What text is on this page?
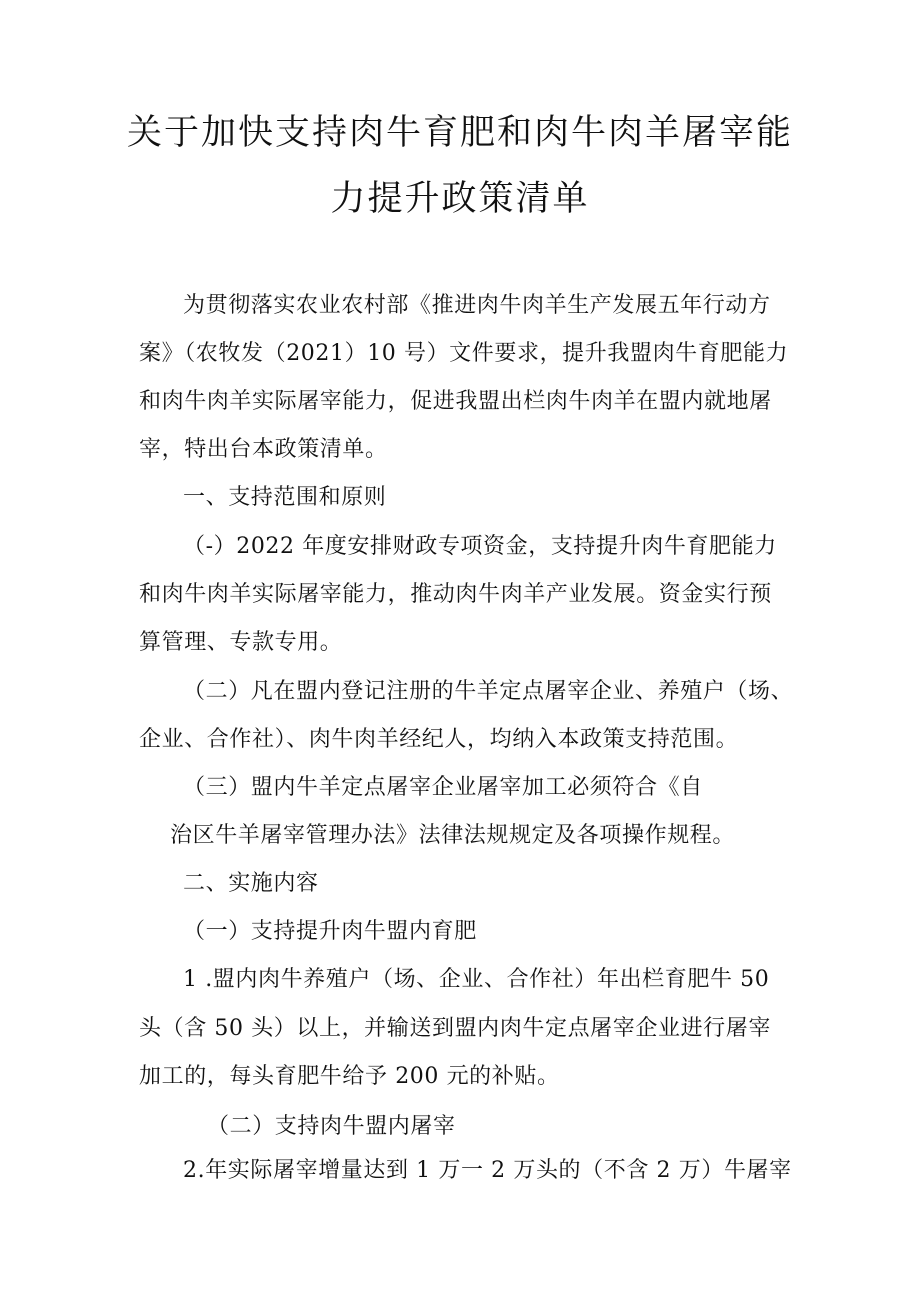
关于加快支持肉牛育肥和肉牛肉羊屠宰能
力提升政策清单
为贯彻落实农业农村部《推进肉牛肉羊生产发展五年行动方
案》（农牧发（2021）10 号）文件要求，提升我盟肉牛育肥能力
和肉牛肉羊实际屠宰能力，促进我盟出栏肉牛肉羊在盟内就地屠
宰，特出台本政策清单。
一、支持范围和原则
（-）2022 年度安排财政专项资金，支持提升肉牛育肥能力
和肉牛肉羊实际屠宰能力，推动肉牛肉羊产业发展。资金实行预
算管理、专款专用。
（二）凡在盟内登记注册的牛羊定点屠宰企业、养殖户（场、
企业、合作社）、肉牛肉羊经纪人，均纳入本政策支持范围。
（三）盟内牛羊定点屠宰企业屠宰加工必须符合《自
治区牛羊屠宰管理办法》法律法规规定及各项操作规程。
二、实施内容
（一）支持提升肉牛盟内育肥
1 .盟内肉牛养殖户（场、企业、合作社）年出栏育肥牛 50
头（含 50 头）以上，并输送到盟内肉牛定点屠宰企业进行屠宰
加工的，每头育肥牛给予 200 元的补贴。
（二）支持肉牛盟内屠宰
2.年实际屠宰增量达到 1 万一 2 万头的（不含 2 万）牛屠宰
